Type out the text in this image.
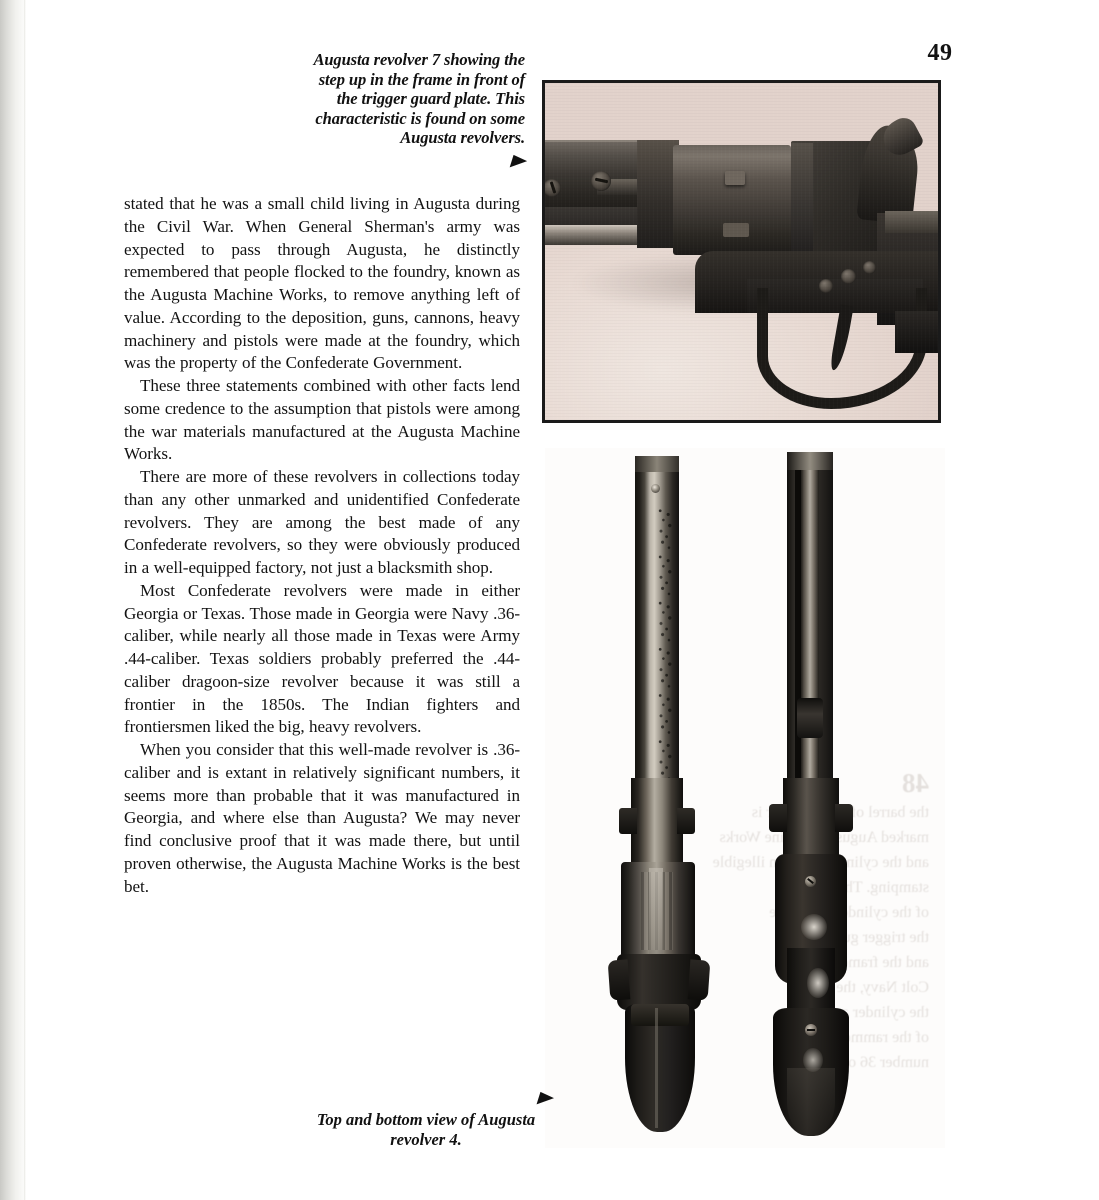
49
Augusta revolver 7 showing the step up in the frame in front of the trigger guard plate. This characteristic is found on some Augusta revolvers.
▶

stated that he was a small child living in Augusta during the Civil War. When General Sherman's army was expected to pass through Augusta, he distinctly remembered that people flocked to the foundry, known as the Augusta Machine Works, to remove anything left of value. According to the deposition, guns, cannons, heavy machinery and pistols were made at the foundry, which was the property of the Confederate Government.

These three statements combined with other facts lend some credence to the assumption that pistols were among the war materials manufactured at the Augusta Machine Works.

There are more of these revolvers in collections today than any other unmarked and unidentified Confederate revolvers. They are among the best made of any Confederate revolvers, so they were obviously produced in a well-equipped factory, not just a blacksmith shop.

Most Confederate revolvers were made in either Georgia or Texas. Those made in Georgia were Navy .36-caliber, while nearly all those made in Texas were Army .44-caliber. Texas soldiers probably preferred the .44-caliber dragoon-size revolver because it was still a frontier in the 1850s. The Indian fighters and frontiersmen liked the big, heavy revolvers.

When you consider that this well-made revolver is .36-caliber and is extant in relatively significant numbers, it seems more than probable that it was manufactured in Georgia, and where else than Augusta? We may never find conclusive proof that it was made there, but until proven otherwise, the Augusta Machine Works is the best bet.

▶
Top and bottom view of Augusta revolver 4.
